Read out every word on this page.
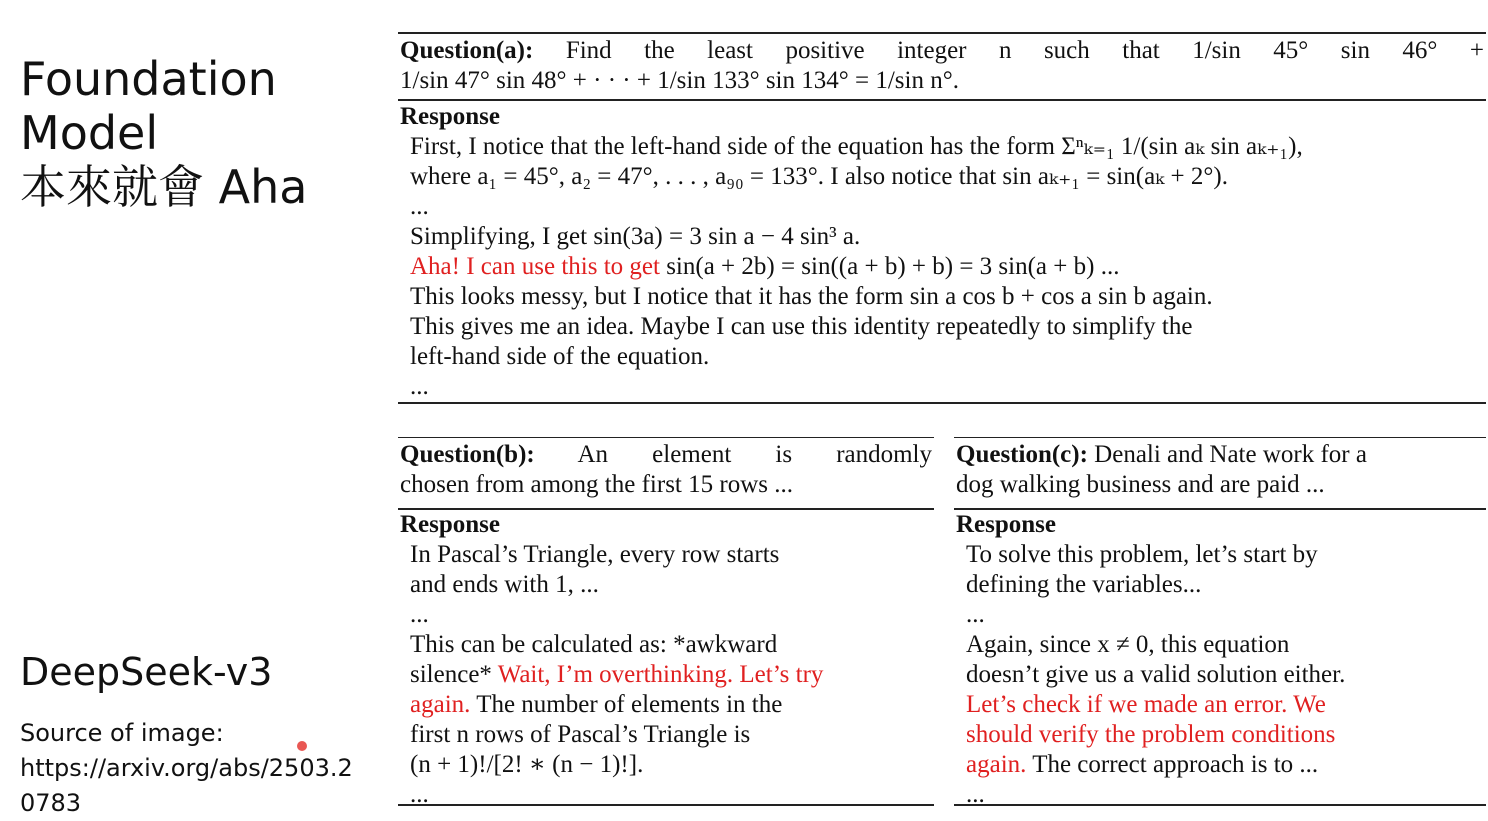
Foundation
Model
本來就會 Aha
DeepSeek-v3
Source of image:
https://arxiv.org/abs/2503.2
0783
Question(a): Find the least positive integer n such that 1/sin 45° sin 46° +
1/sin 47° sin 48° + · · · + 1/sin 133° sin 134° = 1/sin n°.
Response
First, I notice that the left-hand side of the equation has the form Σⁿₖ₌₁ 1/(sin aₖ sin aₖ₊₁),
where a₁ = 45°, a₂ = 47°, . . . , a₉₀ = 133°. I also notice that sin aₖ₊₁ = sin(aₖ + 2°).
...
Simplifying, I get sin(3a) = 3 sin a − 4 sin³ a.
Aha! I can use this to get sin(a + 2b) = sin((a + b) + b) = 3 sin(a + b) ...
This looks messy, but I notice that it has the form sin a cos b + cos a sin b again.
This gives me an idea. Maybe I can use this identity repeatedly to simplify the
left-hand side of the equation.
...
Question(b): An element is randomly
chosen from among the first 15 rows ...
Response
In Pascal’s Triangle, every row starts
and ends with 1, ...
...
This can be calculated as: *awkward
silence* Wait, I’m overthinking. Let’s try
again. The number of elements in the
first n rows of Pascal’s Triangle is
(n + 1)!/[2! ∗ (n − 1)!].
...
Question(c): Denali and Nate work for a
dog walking business and are paid ...
Response
To solve this problem, let’s start by
defining the variables...
...
Again, since x ≠ 0, this equation
doesn’t give us a valid solution either.
Let’s check if we made an error. We
should verify the problem conditions
again. The correct approach is to ...
...
